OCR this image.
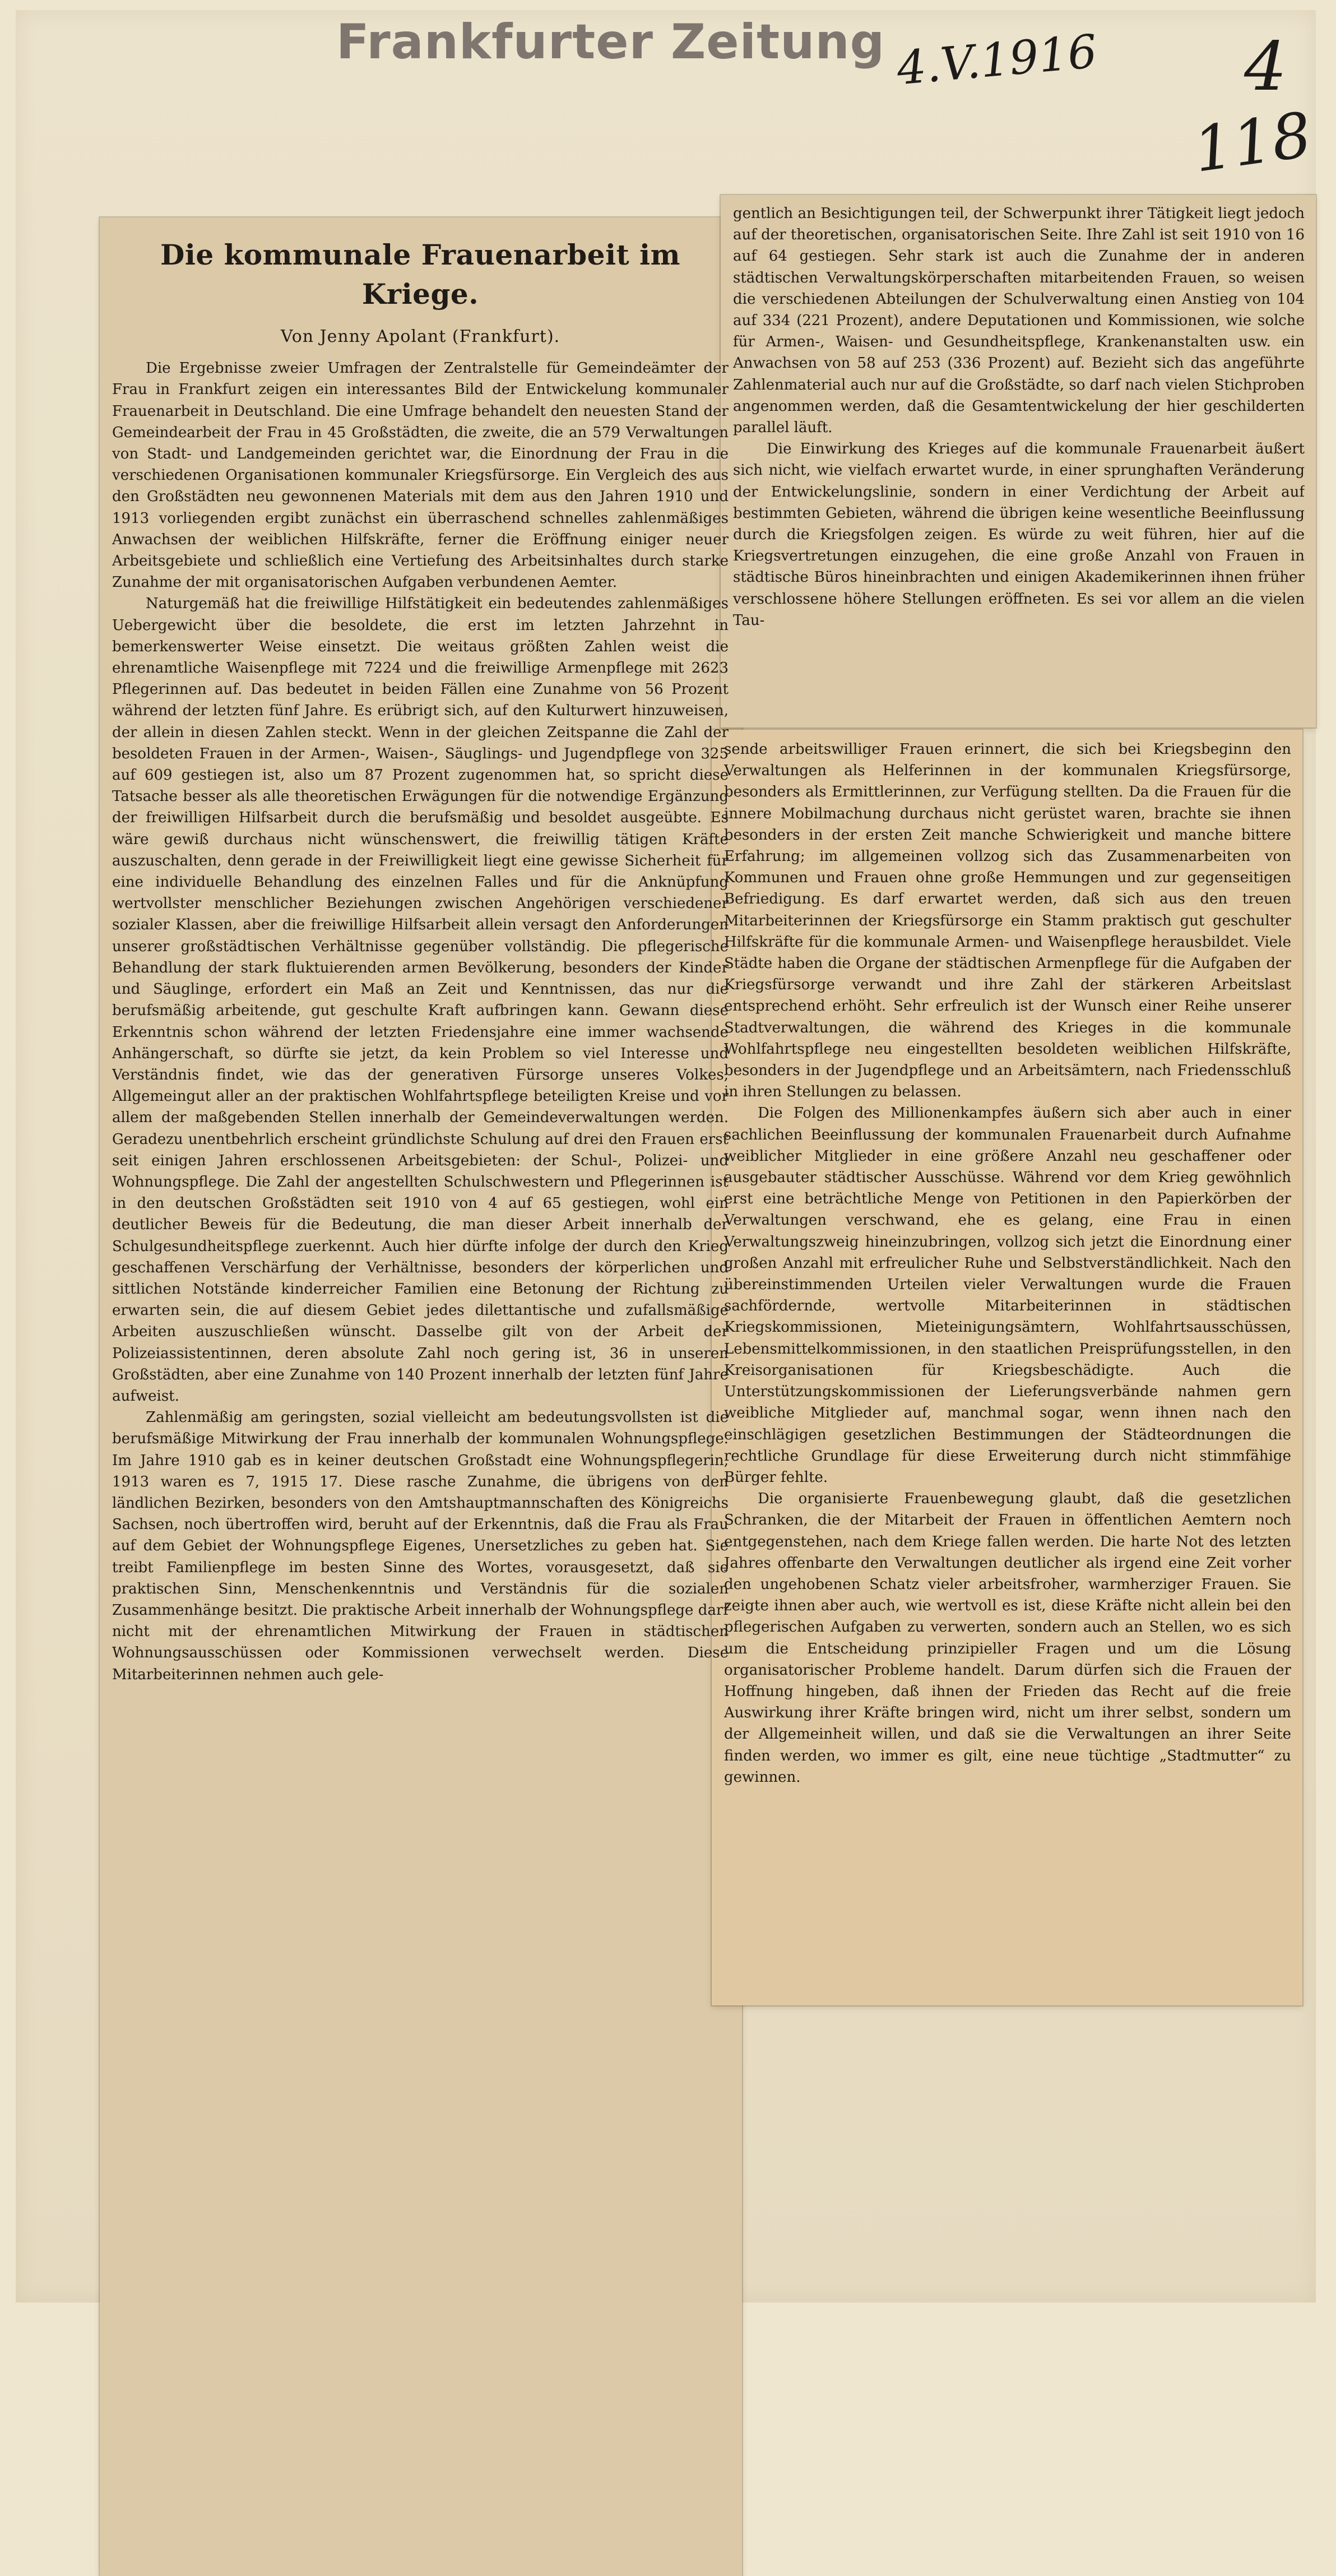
Frankfurter Zeitung 4.V.1916 4
118
Die kommunale Frauenarbeit im Kriege.
Von Jenny Apolant (Frankfurt).

Die Ergebnisse zweier Umfragen der Zentralstelle für Gemeindeämter der Frau in Frankfurt zeigen ein interessantes Bild der Entwickelung kommunaler Frauenarbeit in Deutschland. Die eine Umfrage behandelt den neuesten Stand der Gemeindearbeit der Frau in 45 Großstädten, die zweite, die an 579 Verwaltungen von Stadt- und Landgemeinden gerichtet war, die Einordnung der Frau in die verschiedenen Organisationen kommunaler Kriegsfürsorge. Ein Vergleich des aus den Großstädten neu gewonnenen Materials mit dem aus den Jahren 1910 und 1913 vorliegenden ergibt zunächst ein überraschend schnelles zahlenmäßiges Anwachsen der weiblichen Hilfskräfte, ferner die Eröffnung einiger neuer Arbeitsgebiete und schließlich eine Vertiefung des Arbeitsinhaltes durch starke Zunahme der mit organisatorischen Aufgaben verbundenen Aemter.

Naturgemäß hat die freiwillige Hilfstätigkeit ein bedeutendes zahlenmäßiges Uebergewicht über die besoldete, die erst im letzten Jahrzehnt in bemerkenswerter Weise einsetzt. Die weitaus größten Zahlen weist die ehrenamtliche Waisenpflege mit 7224 und die freiwillige Armenpflege mit 2623 Pflegerinnen auf. Das bedeutet in beiden Fällen eine Zunahme von 56 Prozent während der letzten fünf Jahre. Es erübrigt sich, auf den Kulturwert hinzuweisen, der allein in diesen Zahlen steckt. Wenn in der gleichen Zeitspanne die Zahl der besoldeten Frauen in der Armen-, Waisen-, Säuglings- und Jugendpflege von 325 auf 609 gestiegen ist, also um 87 Prozent zugenommen hat, so spricht diese Tatsache besser als alle theoretischen Erwägungen für die notwendige Ergänzung der freiwilligen Hilfsarbeit durch die berufsmäßig und besoldet ausgeübte. Es wäre gewiß durchaus nicht wünschenswert, die freiwillig tätigen Kräfte auszuschalten, denn gerade in der Freiwilligkeit liegt eine gewisse Sicherheit für eine individuelle Behandlung des einzelnen Falles und für die Anknüpfung wertvollster menschlicher Beziehungen zwischen Angehörigen verschiedener sozialer Klassen, aber die freiwillige Hilfsarbeit allein versagt den Anforderungen unserer großstädtischen Verhältnisse gegenüber vollständig. Die pflegerische Behandlung der stark fluktuierenden armen Bevölkerung, besonders der Kinder und Säuglinge, erfordert ein Maß an Zeit und Kenntnissen, das nur die berufsmäßig arbeitende, gut geschulte Kraft aufbringen kann. Gewann diese Erkenntnis schon während der letzten Friedensjahre eine immer wachsende Anhängerschaft, so dürfte sie jetzt, da kein Problem so viel Interesse und Verständnis findet, wie das der generativen Fürsorge unseres Volkes, Allgemeingut aller an der praktischen Wohlfahrtspflege beteiligten Kreise und vor allem der maßgebenden Stellen innerhalb der Gemeindeverwaltungen werden. Geradezu unentbehrlich erscheint gründlichste Schulung auf drei den Frauen erst seit einigen Jahren erschlossenen Arbeitsgebieten: der Schul-, Polizei- und Wohnungspflege. Die Zahl der angestellten Schulschwestern und Pflegerinnen ist in den deutschen Großstädten seit 1910 von 4 auf 65 gestiegen, wohl ein deutlicher Beweis für die Bedeutung, die man dieser Arbeit innerhalb der Schulgesundheitspflege zuerkennt. Auch hier dürfte infolge der durch den Krieg geschaffenen Verschärfung der Verhältnisse, besonders der körperlichen und sittlichen Notstände kinderreicher Familien eine Betonung der Richtung zu erwarten sein, die auf diesem Gebiet jedes dilettantische und zufallsmäßige Arbeiten auszuschließen wünscht. Dasselbe gilt von der Arbeit der Polizeiassistentinnen, deren absolute Zahl noch gering ist, 36 in unseren Großstädten, aber eine Zunahme von 140 Prozent innerhalb der letzten fünf Jahre aufweist.

Zahlenmäßig am geringsten, sozial vielleicht am bedeutungsvollsten ist die berufsmäßige Mitwirkung der Frau innerhalb der kommunalen Wohnungspflege. Im Jahre 1910 gab es in keiner deutschen Großstadt eine Wohnungspflegerin, 1913 waren es 7, 1915 17. Diese rasche Zunahme, die übrigens von den ländlichen Bezirken, besonders von den Amtshauptmannschaften des Königreichs Sachsen, noch übertroffen wird, beruht auf der Erkenntnis, daß die Frau als Frau auf dem Gebiet der Wohnungspflege Eigenes, Unersetzliches zu geben hat. Sie treibt Familienpflege im besten Sinne des Wortes, vorausgesetzt, daß sie praktischen Sinn, Menschenkenntnis und Verständnis für die sozialen Zusammenhänge besitzt. Die praktische Arbeit innerhalb der Wohnungspflege darf nicht mit der ehrenamtlichen Mitwirkung der Frauen in städtischen Wohnungsausschüssen oder Kommissionen verwechselt werden. Diese Mitarbeiterinnen nehmen auch gele-

gentlich an Besichtigungen teil, der Schwerpunkt ihrer Tätigkeit liegt jedoch auf der theoretischen, organisatorischen Seite. Ihre Zahl ist seit 1910 von 16 auf 64 gestiegen. Sehr stark ist auch die Zunahme der in anderen städtischen Verwaltungskörperschaften mitarbeitenden Frauen, so weisen die verschiedenen Abteilungen der Schulverwaltung einen Anstieg von 104 auf 334 (221 Prozent), andere Deputationen und Kommissionen, wie solche für Armen-, Waisen- und Gesundheitspflege, Krankenanstalten usw. ein Anwachsen von 58 auf 253 (336 Prozent) auf. Bezieht sich das angeführte Zahlenmaterial auch nur auf die Großstädte, so darf nach vielen Stichproben angenommen werden, daß die Gesamtentwickelung der hier geschilderten parallel läuft.

Die Einwirkung des Krieges auf die kommunale Frauenarbeit äußert sich nicht, wie vielfach erwartet wurde, in einer sprunghaften Veränderung der Entwickelungslinie, sondern in einer Verdichtung der Arbeit auf bestimmten Gebieten, während die übrigen keine wesentliche Beeinflussung durch die Kriegsfolgen zeigen. Es würde zu weit führen, hier auf die Kriegsvertretungen einzugehen, die eine große Anzahl von Frauen in städtische Büros hineinbrachten und einigen Akademikerinnen ihnen früher verschlossene höhere Stellungen eröffneten. Es sei vor allem an die vielen Tau-

sende arbeitswilliger Frauen erinnert, die sich bei Kriegsbeginn den Verwaltungen als Helferinnen in der kommunalen Kriegsfürsorge, besonders als Ermittlerinnen, zur Verfügung stellten. Da die Frauen für die innere Mobilmachung durchaus nicht gerüstet waren, brachte sie ihnen besonders in der ersten Zeit manche Schwierigkeit und manche bittere Erfahrung; im allgemeinen vollzog sich das Zusammenarbeiten von Kommunen und Frauen ohne große Hemmungen und zur gegenseitigen Befriedigung. Es darf erwartet werden, daß sich aus den treuen Mitarbeiterinnen der Kriegsfürsorge ein Stamm praktisch gut geschulter Hilfskräfte für die kommunale Armen- und Waisenpflege herausbildet. Viele Städte haben die Organe der städtischen Armenpflege für die Aufgaben der Kriegsfürsorge verwandt und ihre Zahl der stärkeren Arbeitslast entsprechend erhöht. Sehr erfreulich ist der Wunsch einer Reihe unserer Stadtverwaltungen, die während des Krieges in die kommunale Wohlfahrtspflege neu eingestellten besoldeten weiblichen Hilfskräfte, besonders in der Jugendpflege und an Arbeitsämtern, nach Friedensschluß in ihren Stellungen zu belassen.

Die Folgen des Millionenkampfes äußern sich aber auch in einer sachlichen Beeinflussung der kommunalen Frauenarbeit durch Aufnahme weiblicher Mitglieder in eine größere Anzahl neu geschaffener oder ausgebauter städtischer Ausschüsse. Während vor dem Krieg gewöhnlich erst eine beträchtliche Menge von Petitionen in den Papierkörben der Verwaltungen verschwand, ehe es gelang, eine Frau in einen Verwaltungszweig hineinzubringen, vollzog sich jetzt die Einordnung einer großen Anzahl mit erfreulicher Ruhe und Selbstverständlichkeit. Nach den übereinstimmenden Urteilen vieler Verwaltungen wurde die Frauen sachfördernde, wertvolle Mitarbeiterinnen in städtischen Kriegskommissionen, Mieteinigungsämtern, Wohlfahrtsausschüssen, Lebensmittelkommissionen, in den staatlichen Preisprüfungsstellen, in den Kreisorganisationen für Kriegsbeschädigte. Auch die Unterstützungskommissionen der Lieferungsverbände nahmen gern weibliche Mitglieder auf, manchmal sogar, wenn ihnen nach den einschlägigen gesetzlichen Bestimmungen der Städteordnungen die rechtliche Grundlage für diese Erweiterung durch nicht stimmfähige Bürger fehlte.

Die organisierte Frauenbewegung glaubt, daß die gesetzlichen Schranken, die der Mitarbeit der Frauen in öffentlichen Aemtern noch entgegenstehen, nach dem Kriege fallen werden. Die harte Not des letzten Jahres offenbarte den Verwaltungen deutlicher als irgend eine Zeit vorher den ungehobenen Schatz vieler arbeitsfroher, warmherziger Frauen. Sie zeigte ihnen aber auch, wie wertvoll es ist, diese Kräfte nicht allein bei den pflegerischen Aufgaben zu verwerten, sondern auch an Stellen, wo es sich um die Entscheidung prinzipieller Fragen und um die Lösung organisatorischer Probleme handelt. Darum dürfen sich die Frauen der Hoffnung hingeben, daß ihnen der Frieden das Recht auf die freie Auswirkung ihrer Kräfte bringen wird, nicht um ihrer selbst, sondern um der Allgemeinheit willen, und daß sie die Verwaltungen an ihrer Seite finden werden, wo immer es gilt, eine neue tüchtige „Stadtmutter“ zu gewinnen.
